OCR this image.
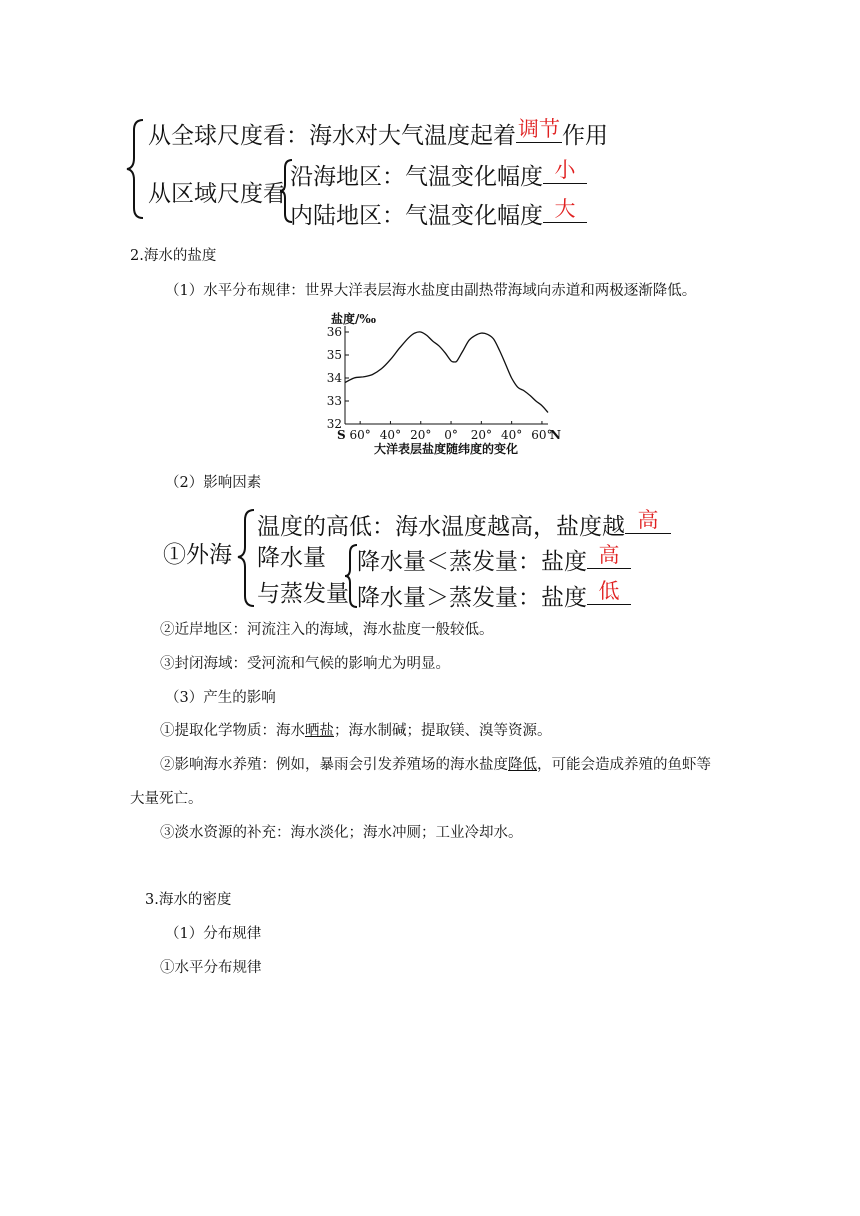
从全球尺度看：海水对大气温度起着 调节 作用
从区域尺度看
沿海地区：气温变化幅度 小
内陆地区：气温变化幅度 大
2.海水的盐度
（1）水平分布规律：世界大洋表层海水盐度由副热带海域向赤道和两极逐渐降低。
盐度/‰
32
33
34
35
36
60° 40° 20° 0° 20° 40° 60°
S	N
大洋表层盐度随纬度的变化
（2）影响因素
①外海
温度的高低：海水温度越高，盐度越 高
降水量
与蒸发量
降水量＜蒸发量：盐度 高
降水量＞蒸发量：盐度 低
②近岸地区：河流注入的海域，海水盐度一般较低。
③封闭海域：受河流和气候的影响尤为明显。
（3）产生的影响
①提取化学物质：海水晒盐；海水制碱；提取镁、溴等资源。
②影响海水养殖：例如，暴雨会引发养殖场的海水盐度降低，可能会造成养殖的鱼虾等
大量死亡。
③淡水资源的补充：海水淡化；海水冲厕；工业冷却水。
3.海水的密度
（1）分布规律
①水平分布规律
